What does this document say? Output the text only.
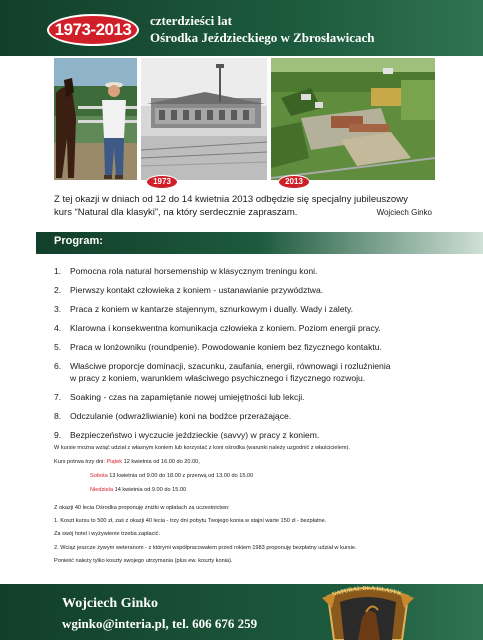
1973-2013	czterdzieści lat
Ośrodka Jeździeckiego w Zbrosławicach
1973	2013
Z tej okazji w dniach od 12 do 14 kwietnia 2013 odbędzie się specjalny jubileuszowy
kurs “Natural dla klasyki”, na który serdecznie zapraszam.	Wojciech Ginko
Program:
1. Pomocna rola natural horsemenship w klasycznym treningu koni.
2. Pierwszy kontakt człowieka z koniem - ustanawianie przywództwa.
3. Praca z koniem w kantarze stajennym, sznurkowym i dually. Wady i zalety.
4. Klarowna i konsekwentna komunikacja człowieka z koniem. Poziom energii pracy.
5. Praca w lonżowniku (roundpenie). Powodowanie koniem bez fizycznego kontaktu.
6. Właściwe proporcje dominacji, szacunku, zaufania, energii, równowagi i rozluźnienia
w pracy z koniem, warunkiem właściwego psychicznego i fizycznego rozwoju.
7. Soaking - czas na zapamiętanie nowej umiejętności lub lekcji.
8. Odczulanie (odwrażliwianie) koni na bodźce przerażające.
9. Bezpieczeństwo i wyczucie jeździeckie (savvy) w pracy z koniem.
W kursie można wziąć udział z własnym koniem lub korzystać z koni ośrodka (warunki należy uzgodnić z właścicielem).
Kurs potrwa trzy dni: Piątek 12 kwietnia od 16.00 do 20.00,
Sobota 13 kwietnia od 9.00 do 18.00 z przerwą od 13.00 do 15.00
Niedziela 14 kwietnia od 9.00 do 15.00
Z okazji 40 lecia Ośrodka proponuję zniżki w opłatach za uczestnictwo:
1. Koszt kursu to 500 zł, zaś z okazji 40 lecia - trzy dni pobytu Twojego konia w stajni warte 150 zł - bezpłatne.
Za swój hotel i wyżywienie trzeba zapłacić.
2. Wciąż jeszcze żywym weteranom - z którymi współpracowałem przed rokiem 1983 proponuję bezpłatny udział w kursie.
Ponieść należy tylko koszty swojego utrzymania (plus ew. koszty konia).
Wojciech Ginko
wginko@interia.pl, tel. 606 676 259
NATURAL DLA KLASYK
